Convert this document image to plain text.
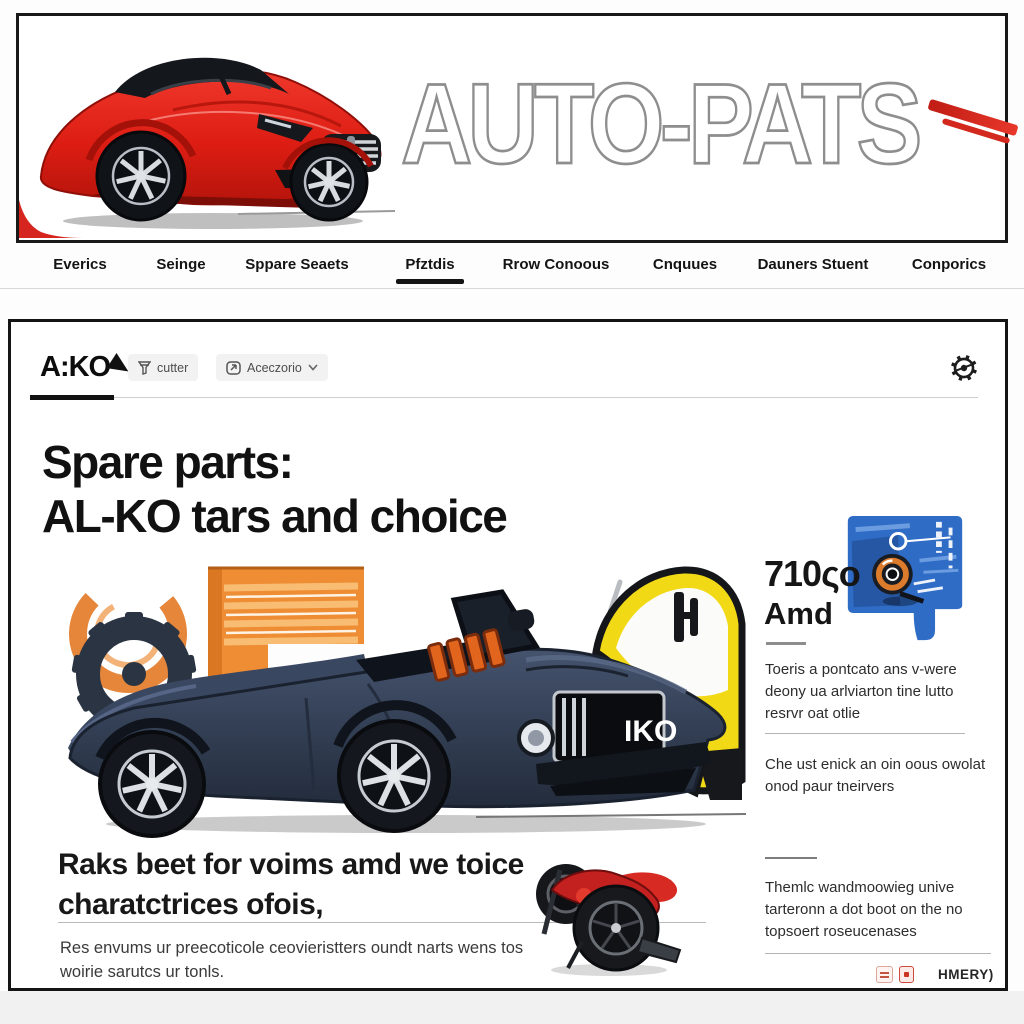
AUTO-PATS
Everics	Seinge	Sppare Seaets	Pfztdis	Rrow Conoous	Cnquues	Dauners Stuent	Conporics
A:KO	cutter	Aceczorio
Spare parts:
AL-KO tars and choice
IKO
710ςo
Amd

Toeris a pontcato ans v-were deony ua arlviarton tine lutto resrvr oat otlie

Che ust enick an oin oous owolat onod paur tneirvers

Themlc wandmoowieg unive tarteronn a dot boot on the no topsoert roseucenases

HMERY)
Raks beet for voims amd we toice
charatctrices ofois,
Res envums ur preecoticole ceovieristters oundt narts wens tos
woirie sarutcs ur tonls.
